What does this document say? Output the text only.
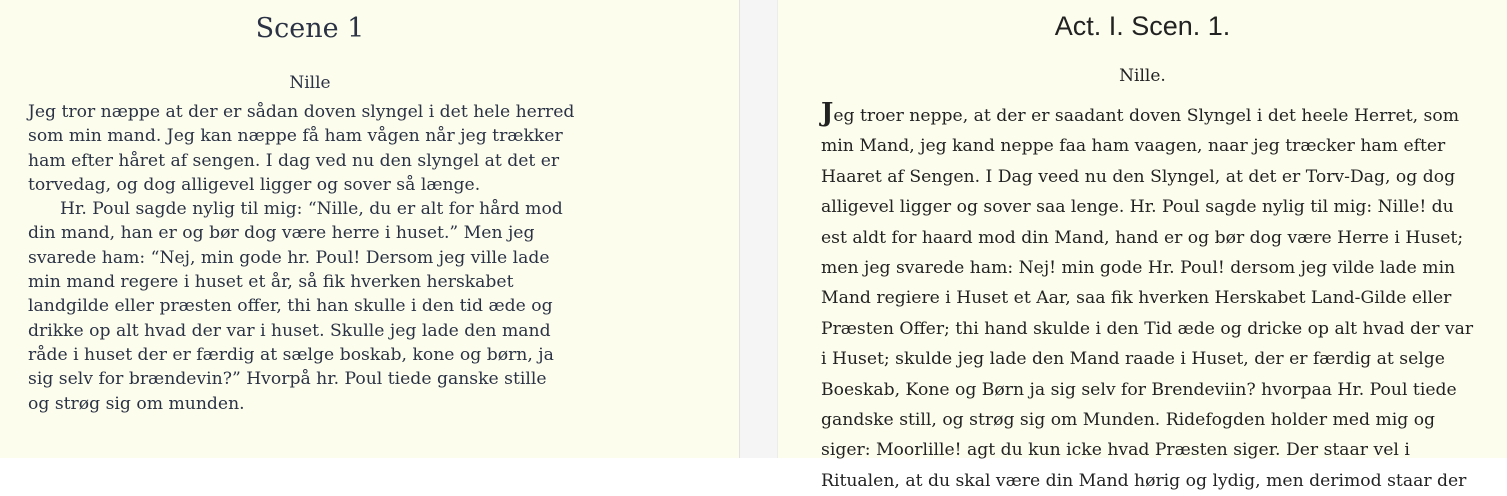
Scene 1
Nille

Jeg tror næppe at der er sådan doven slyngel i det hele herred

som min mand. Jeg kan næppe få ham vågen når jeg trækker

ham efter håret af sengen. I dag ved nu den slyngel at det er

torvedag, og dog alligevel ligger og sover så længe.

Hr. Poul sagde nylig til mig: “Nille, du er alt for hård mod

din mand, han er og bør dog være herre i huset.” Men jeg

svarede ham: “Nej, min gode hr. Poul! Dersom jeg ville lade

min mand regere i huset et år, så fik hverken herskabet

landgilde eller præsten offer, thi han skulle i den tid æde og

drikke op alt hvad der var i huset. Skulle jeg lade den mand

råde i huset der er færdig at sælge boskab, kone og børn, ja

sig selv for brændevin?” Hvorpå hr. Poul tiede ganske stille

og strøg sig om munden.

Act. I. Scen. 1.
Nille.
Jeg troer neppe, at der er saadant doven Slyngel i det heele Herret, som
min Mand, jeg kand neppe faa ham vaagen, naar jeg træcker ham efter
Haaret af Sengen. I Dag veed nu den Slyngel, at det er Torv-Dag, og dog
alligevel ligger og sover saa lenge. Hr. Poul sagde nylig til mig: Nille! du
est aldt for haard mod din Mand, hand er og bør dog være Herre i Huset;
men jeg svarede ham: Nej! min gode Hr. Poul! dersom jeg vilde lade min
Mand regiere i Huset et Aar, saa fik hverken Herskabet Land-Gilde eller
Præsten Offer; thi hand skulde i den Tid æde og dricke op alt hvad der var
i Huset; skulde jeg lade den Mand raade i Huset, der er færdig at selge
Boeskab, Kone og Børn ja sig selv for Brendeviin? hvorpaa Hr. Poul tiede
gandske still, og strøg sig om Munden. Ridefogden holder med mig og
siger: Moorlille! agt du kun icke hvad Præsten siger. Der staar vel i
Ritualen, at du skal være din Mand hørig og lydig, men derimod staar der
